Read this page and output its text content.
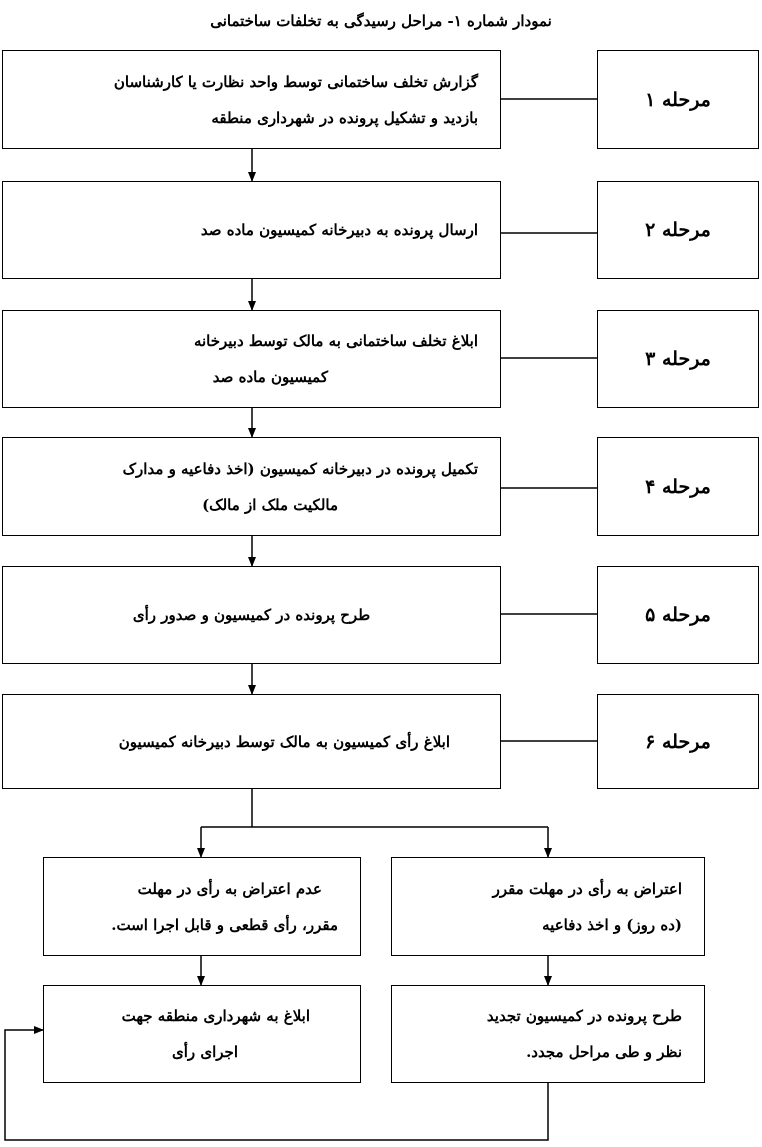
نمودار شماره ۱- مراحل رسیدگی به تخلفات ساختمانی
گزارش تخلف ساختمانی توسط واحد نظارت یا کارشناسان
بازدید و تشکیل پرونده در شهرداری منطقه
مرحله ۱
ارسال پرونده به دبیرخانه کمیسیون ماده صد	مرحله ۲
ابلاغ تخلف ساختمانی به مالک توسط دبیرخانه
کمیسیون ماده صد
مرحله ۳
تکمیل پرونده در دبیرخانه کمیسیون (اخذ دفاعیه و مدارک
مالکیت ملک از مالک)
مرحله ۴
طرح پرونده در کمیسیون و صدور رأی	مرحله ۵
ابلاغ رأی کمیسیون به مالک توسط دبیرخانه کمیسیون	مرحله ۶
اعتراض به رأی در مهلت مقرر
(ده روز) و اخذ دفاعیه
عدم اعتراض به رأی در مهلت
مقرر، رأی قطعی و قابل اجرا است.
طرح پرونده در کمیسیون تجدید
نظر و طی مراحل مجدد.
ابلاغ به شهرداری منطقه جهت
اجرای رأی
